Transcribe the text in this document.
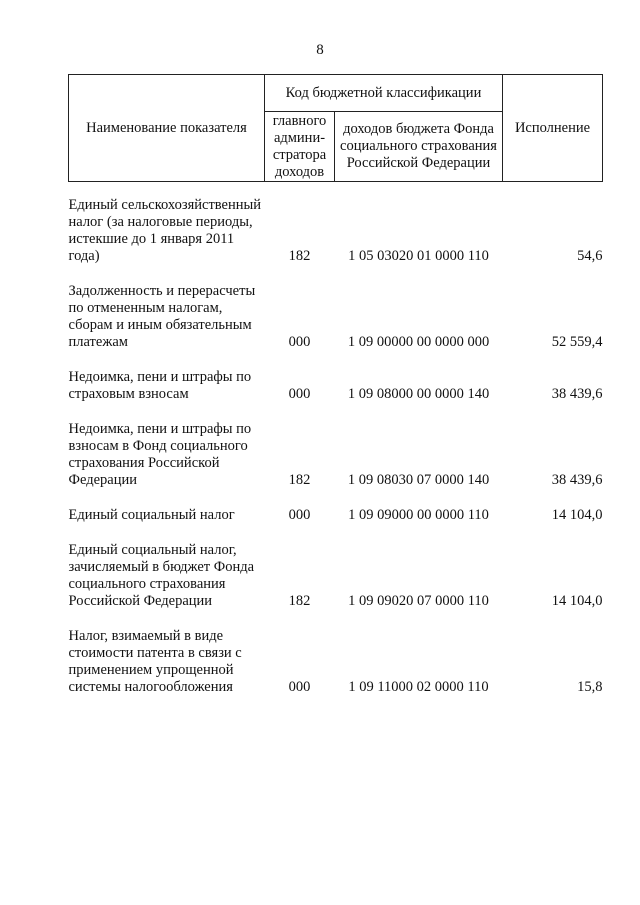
8
Наименование показателя	Код бюджетной классификации		Исполнение
	главного админи-стратора доходов	доходов бюджета Фонда социального страхования Российской Федерации	
Единый сельскохозяйственный налог (за налоговые периоды, истекшие до 1 января 2011 года)	182	1 05 03020 01 0000 110	54,6
Задолженность и перерасчеты по отмененным налогам, сборам и иным обязательным платежам	000	1 09 00000 00 0000 000	52 559,4
Недоимка, пени и штрафы по страховым взносам	000	1 09 08000 00 0000 140	38 439,6
Недоимка, пени и штрафы по взносам в Фонд социального страхования Российской Федерации	182	1 09 08030 07 0000 140	38 439,6
Единый социальный налог	000	1 09 09000 00 0000 110	14 104,0
Единый социальный налог, зачисляемый в бюджет Фонда социального страхования Российской Федерации	182	1 09 09020 07 0000 110	14 104,0
Налог, взимаемый в виде стоимости патента в связи с применением упрощенной системы налогообложения	000	1 09 11000 02 0000 110	15,8
